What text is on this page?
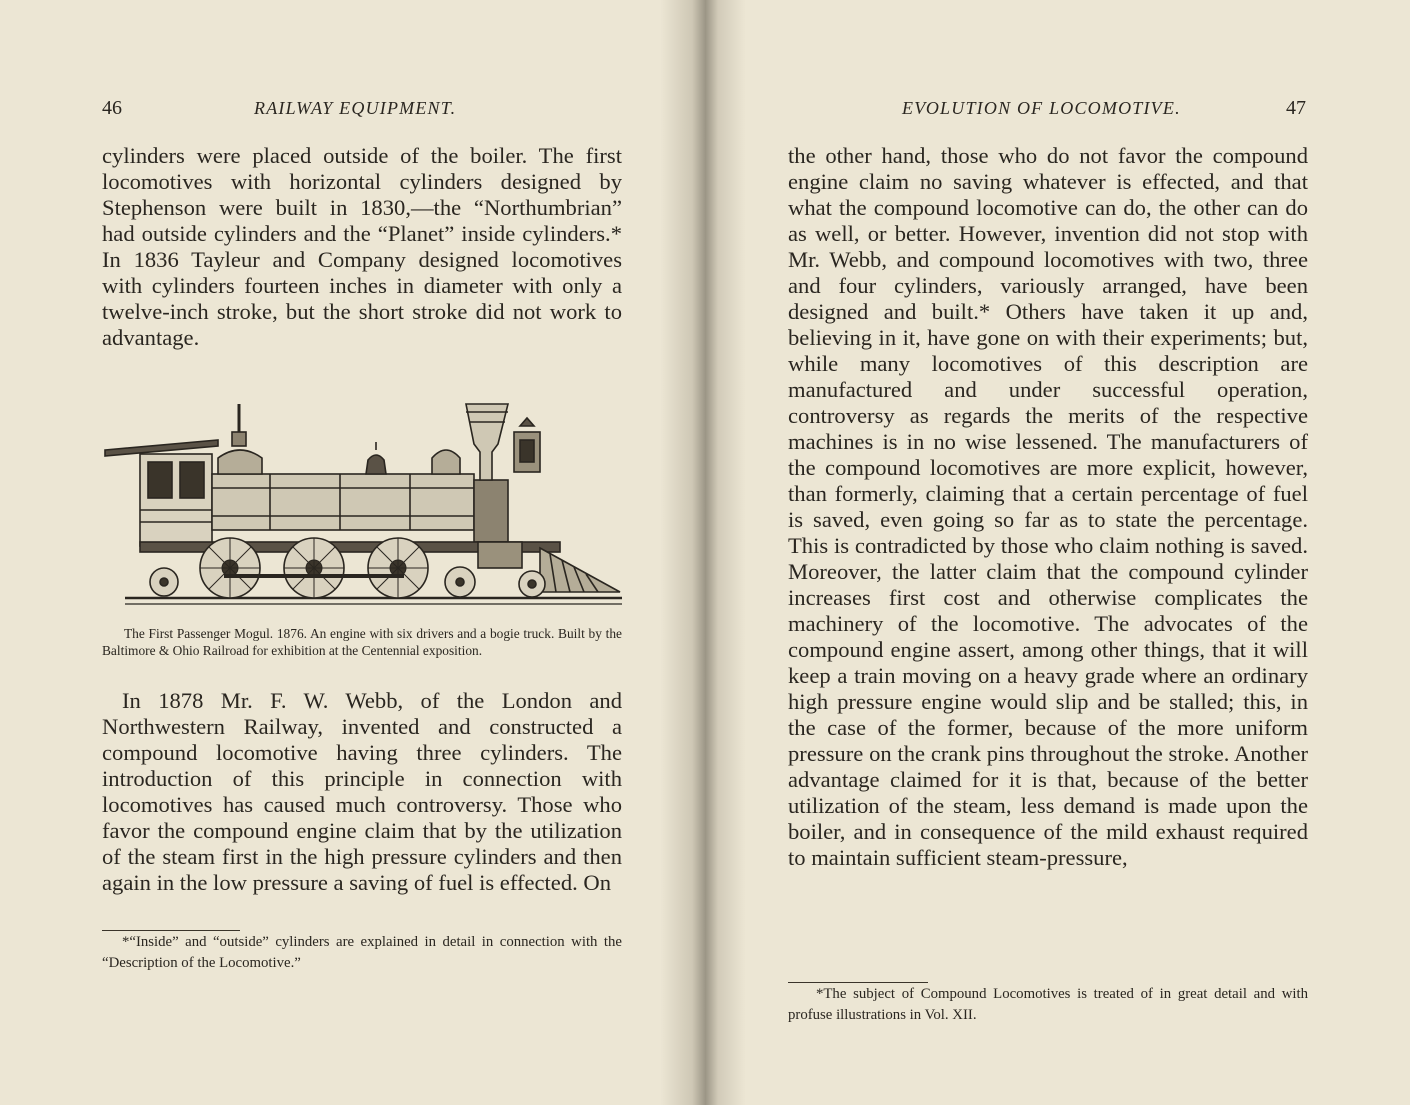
46	RAILWAY EQUIPMENT.

cylinders were placed outside of the boiler. The first locomotives with horizontal cylinders designed by Stephenson were built in 1830,—the “Northumbrian” had outside cylinders and the “Planet” inside cylinders.* In 1836 Tayleur and Company designed locomotives with cylinders fourteen inches in diameter with only a twelve-inch stroke, but the short stroke did not work to advantage.

The First Passenger Mogul. 1876. An engine with six drivers and a bogie truck. Built by the Baltimore & Ohio Railroad for exhibition at the Centennial exposition.

In 1878 Mr. F. W. Webb, of the London and Northwestern Railway, invented and constructed a compound locomotive having three cylinders. The introduction of this principle in connection with locomotives has caused much controversy. Those who favor the compound engine claim that by the utilization of the steam first in the high pressure cylinders and then again in the low pressure a saving of fuel is effected. On

*“Inside” and “outside” cylinders are explained in detail in connection with the “Description of the Locomotive.”
EVOLUTION OF LOCOMOTIVE.	47

the other hand, those who do not favor the compound engine claim no saving whatever is effected, and that what the compound locomotive can do, the other can do as well, or better. However, invention did not stop with Mr. Webb, and compound locomotives with two, three and four cylinders, variously arranged, have been designed and built.* Others have taken it up and, believing in it, have gone on with their experiments; but, while many locomotives of this description are manufactured and under successful operation, controversy as regards the merits of the respective machines is in no wise lessened. The manufacturers of the compound locomotives are more explicit, however, than formerly, claiming that a certain percentage of fuel is saved, even going so far as to state the percentage. This is contradicted by those who claim nothing is saved. Moreover, the latter claim that the compound cylinder increases first cost and otherwise complicates the machinery of the locomotive. The advocates of the compound engine assert, among other things, that it will keep a train moving on a heavy grade where an ordinary high pressure engine would slip and be stalled; this, in the case of the former, because of the more uniform pressure on the crank pins throughout the stroke. Another advantage claimed for it is that, because of the better utilization of the steam, less demand is made upon the boiler, and in consequence of the mild exhaust required to maintain sufficient steam-pressure,

*The subject of Compound Locomotives is treated of in great detail and with profuse illustrations in Vol. XII.
